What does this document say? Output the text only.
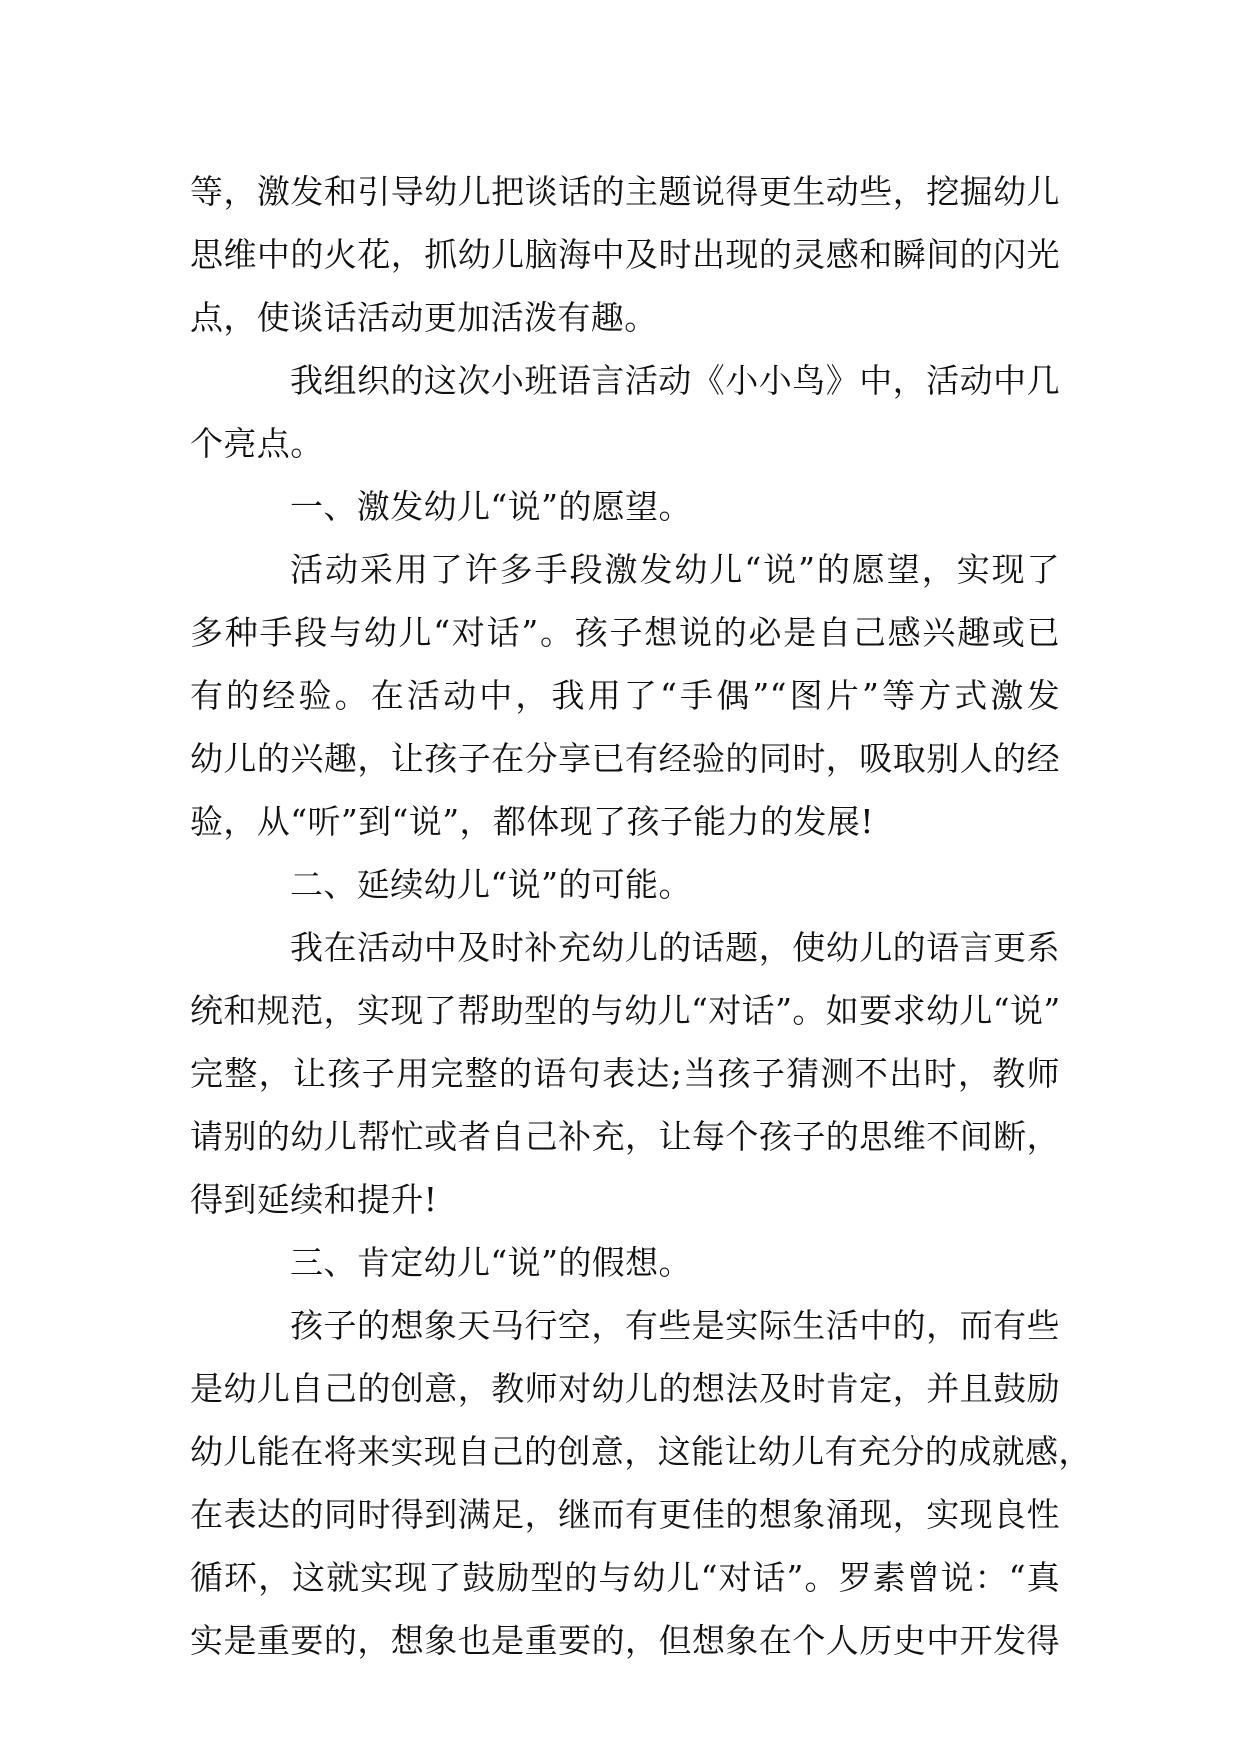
等，激发和引导幼儿把谈话的主题说得更生动些，挖掘幼儿
思维中的火花，抓幼儿脑海中及时出现的灵感和瞬间的闪光
点，使谈话活动更加活泼有趣。
我组织的这次小班语言活动《小小鸟》中，活动中几
个亮点。
一、激发幼儿“说”的愿望。
活动采用了许多手段激发幼儿“说”的愿望，实现了
多种手段与幼儿“对话”。孩子想说的必是自己感兴趣或已
有的经验。在活动中，我用了“手偶”“图片”等方式激发
幼儿的兴趣，让孩子在分享已有经验的同时，吸取别人的经
验，从“听”到“说”，都体现了孩子能力的发展!
二、延续幼儿“说”的可能。
我在活动中及时补充幼儿的话题，使幼儿的语言更系
统和规范，实现了帮助型的与幼儿“对话”。如要求幼儿“说”
完整，让孩子用完整的语句表达;当孩子猜测不出时，教师
请别的幼儿帮忙或者自己补充，让每个孩子的思维不间断，
得到延续和提升!
三、肯定幼儿“说”的假想。
孩子的想象天马行空，有些是实际生活中的，而有些
是幼儿自己的创意，教师对幼儿的想法及时肯定，并且鼓励
幼儿能在将来实现自己的创意，这能让幼儿有充分的成就感，
在表达的同时得到满足，继而有更佳的想象涌现，实现良性
循环，这就实现了鼓励型的与幼儿“对话”。罗素曾说：“真
实是重要的，想象也是重要的，但想象在个人历史中开发得
